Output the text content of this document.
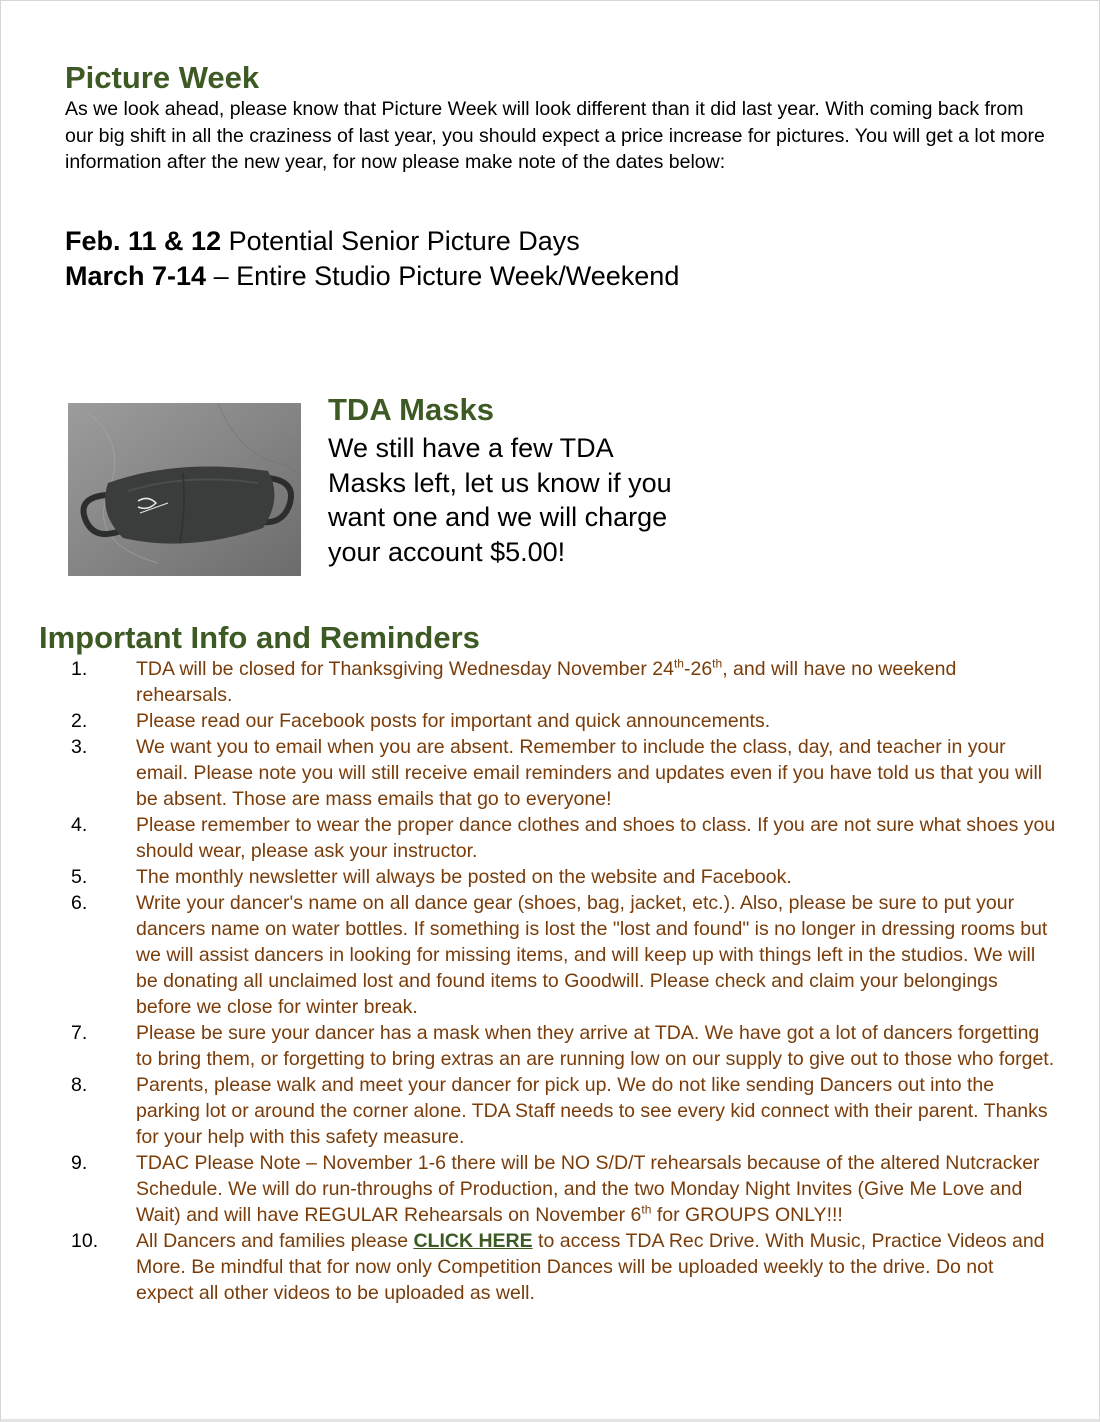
Picture Week

As we look ahead, please know that Picture Week will look different than it did last year. With coming back from our big shift in all the craziness of last year, you should expect a price increase for pictures. You will get a lot more information after the new year, for now please make note of the dates below:

Feb. 11 & 12 Potential Senior Picture Days
March 7-14 – Entire Studio Picture Week/Weekend
TDA Masks

We still have a few TDA Masks left, let us know if you want one and we will charge your account $5.00!

Important Info and Reminders
1.	TDA will be closed for Thanksgiving Wednesday November 24th-26th, and will have no weekend rehearsals.
2.	Please read our Facebook posts for important and quick announcements.
3.	We want you to email when you are absent. Remember to include the class, day, and teacher in your email. Please note you will still receive email reminders and updates even if you have told us that you will be absent. Those are mass emails that go to everyone!
4.	Please remember to wear the proper dance clothes and shoes to class. If you are not sure what shoes you should wear, please ask your instructor.
5.	The monthly newsletter will always be posted on the website and Facebook.
6.	Write your dancer's name on all dance gear (shoes, bag, jacket, etc.). Also, please be sure to put your dancers name on water bottles. If something is lost the "lost and found" is no longer in dressing rooms but we will assist dancers in looking for missing items, and will keep up with things left in the studios. We will be donating all unclaimed lost and found items to Goodwill. Please check and claim your belongings before we close for winter break.
7.	Please be sure your dancer has a mask when they arrive at TDA. We have got a lot of dancers forgetting to bring them, or forgetting to bring extras an are running low on our supply to give out to those who forget.
8.	Parents, please walk and meet your dancer for pick up. We do not like sending Dancers out into the parking lot or around the corner alone. TDA Staff needs to see every kid connect with their parent. Thanks for your help with this safety measure.
9.	TDAC Please Note – November 1-6 there will be NO S/D/T rehearsals because of the altered Nutcracker Schedule. We will do run-throughs of Production, and the two Monday Night Invites (Give Me Love and Wait) and will have REGULAR Rehearsals on November 6th for GROUPS ONLY!!!
10.	All Dancers and families please CLICK HERE to access TDA Rec Drive. With Music, Practice Videos and More. Be mindful that for now only Competition Dances will be uploaded weekly to the drive. Do not expect all other videos to be uploaded as well.
